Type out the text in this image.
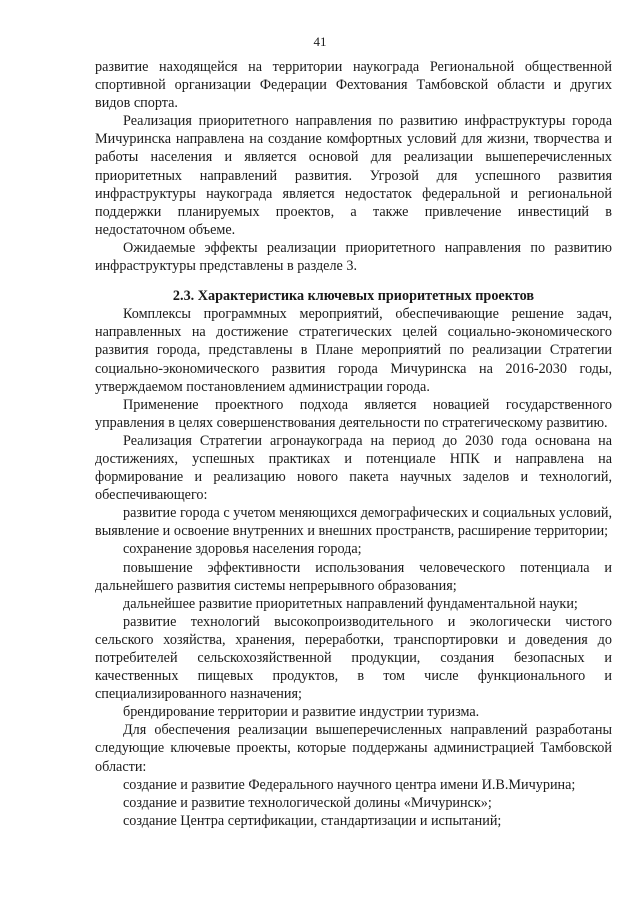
41

развитие находящейся на территории наукограда Региональной общественной спортивной организации Федерации Фехтования Тамбовской области и других видов спорта.

Реализация приоритетного направления по развитию инфраструктуры города Мичуринска направлена на создание комфортных условий для жизни, творчества и работы населения и является основой для реализации вышеперечисленных приоритетных направлений развития. Угрозой для успешного развития инфраструктуры наукограда является недостаток федеральной и региональной поддержки планируемых проектов, а также привлечение инвестиций в недостаточном объеме.

Ожидаемые эффекты реализации приоритетного направления по развитию инфраструктуры представлены в разделе 3.

2.3. Характеристика ключевых приоритетных проектов

Комплексы программных мероприятий, обеспечивающие решение задач, направленных на достижение стратегических целей социально-экономического развития города, представлены в Плане мероприятий по реализации Стратегии социально-экономического развития города Мичуринска на 2016-2030 годы, утверждаемом постановлением администрации города.

Применение проектного подхода является новацией государственного управления в целях совершенствования деятельности по стратегическому развитию.

Реализация Стратегии агронаукограда на период до 2030 года основана на достижениях, успешных практиках и потенциале НПК и направлена на формирование и реализацию нового пакета научных заделов и технологий, обеспечивающего:

развитие города с учетом меняющихся демографических и социальных условий, выявление и освоение внутренних и внешних пространств, расширение территории;

сохранение здоровья населения города;

повышение эффективности использования человеческого потенциала и дальнейшего развития системы непрерывного образования;

дальнейшее развитие приоритетных направлений фундаментальной науки;

развитие технологий высокопроизводительного и экологически чистого сельского хозяйства, хранения, переработки, транспортировки и доведения до потребителей сельскохозяйственной продукции, создания безопасных и качественных пищевых продуктов, в том числе функционального и специализированного назначения;

брендирование территории и развитие индустрии туризма.

Для обеспечения реализации вышеперечисленных направлений разработаны следующие ключевые проекты, которые поддержаны администрацией Тамбовской области:

создание и развитие Федерального научного центра имени И.В.Мичурина;

создание и развитие технологической долины «Мичуринск»;

создание Центра сертификации, стандартизации и испытаний;
